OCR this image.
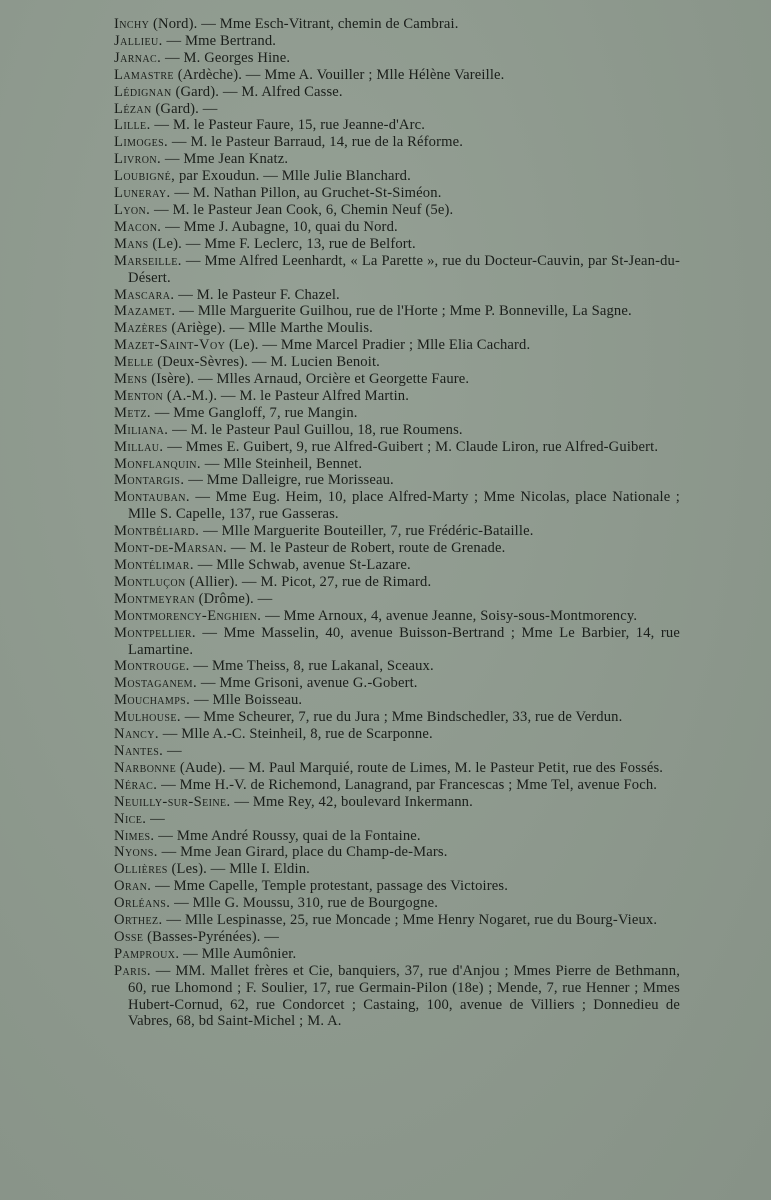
Inchy (Nord). — Mme Esch-Vitrant, chemin de Cambrai.
Jallieu. — Mme Bertrand.
Jarnac. — M. Georges Hine.
Lamastre (Ardèche). — Mme A. Vouiller ; Mlle Hélène Vareille.
Lédignan (Gard). — M. Alfred Casse.
Lézan (Gard). —
Lille. — M. le Pasteur Faure, 15, rue Jeanne-d'Arc.
Limoges. — M. le Pasteur Barraud, 14, rue de la Réforme.
Livron. — Mme Jean Knatz.
Loubigné, par Exoudun. — Mlle Julie Blanchard.
Luneray. — M. Nathan Pillon, au Gruchet-St-Siméon.
Lyon. — M. le Pasteur Jean Cook, 6, Chemin Neuf (5e).
Macon. — Mme J. Aubagne, 10, quai du Nord.
Mans (Le). — Mme F. Leclerc, 13, rue de Belfort.
Marseille. — Mme Alfred Leenhardt, « La Parette », rue du Docteur-Cauvin, par St-Jean-du-Désert.
Mascara. — M. le Pasteur F. Chazel.
Mazamet. — Mlle Marguerite Guilhou, rue de l'Horte ; Mme P. Bonneville, La Sagne.
Mazères (Ariège). — Mlle Marthe Moulis.
Mazet-Saint-Voy (Le). — Mme Marcel Pradier ; Mlle Elia Cachard.
Melle (Deux-Sèvres). — M. Lucien Benoit.
Mens (Isère). — Mlles Arnaud, Orcière et Georgette Faure.
Menton (A.-M.). — M. le Pasteur Alfred Martin.
Metz. — Mme Gangloff, 7, rue Mangin.
Miliana. — M. le Pasteur Paul Guillou, 18, rue Roumens.
Millau. — Mmes E. Guibert, 9, rue Alfred-Guibert ; M. Claude Liron, rue Alfred-Guibert.
Monflanquin. — Mlle Steinheil, Bennet.
Montargis. — Mme Dalleigre, rue Morisseau.
Montauban. — Mme Eug. Heim, 10, place Alfred-Marty ; Mme Nicolas, place Nationale ; Mlle S. Capelle, 137, rue Gasseras.
Montbéliard. — Mlle Marguerite Bouteiller, 7, rue Frédéric-Bataille.
Mont-de-Marsan. — M. le Pasteur de Robert, route de Grenade.
Montélimar. — Mlle Schwab, avenue St-Lazare.
Montluçon (Allier). — M. Picot, 27, rue de Rimard.
Montmeyran (Drôme). —
Montmorency-Enghien. — Mme Arnoux, 4, avenue Jeanne, Soisy-sous-Montmorency.
Montpellier. — Mme Masselin, 40, avenue Buisson-Bertrand ; Mme Le Barbier, 14, rue Lamartine.
Montrouge. — Mme Theiss, 8, rue Lakanal, Sceaux.
Mostaganem. — Mme Grisoni, avenue G.-Gobert.
Mouchamps. — Mlle Boisseau.
Mulhouse. — Mme Scheurer, 7, rue du Jura ; Mme Bindschedler, 33, rue de Verdun.
Nancy. — Mlle A.-C. Steinheil, 8, rue de Scarponne.
Nantes. —
Narbonne (Aude). — M. Paul Marquié, route de Limes, M. le Pasteur Petit, rue des Fossés.
Nérac. — Mme H.-V. de Richemond, Lanagrand, par Francescas ; Mme Tel, avenue Foch.
Neuilly-sur-Seine. — Mme Rey, 42, boulevard Inkermann.
Nice. —
Nimes. — Mme André Roussy, quai de la Fontaine.
Nyons. — Mme Jean Girard, place du Champ-de-Mars.
Ollières (Les). — Mlle I. Eldin.
Oran. — Mme Capelle, Temple protestant, passage des Victoires.
Orléans. — Mlle G. Moussu, 310, rue de Bourgogne.
Orthez. — Mlle Lespinasse, 25, rue Moncade ; Mme Henry Nogaret, rue du Bourg-Vieux.
Osse (Basses-Pyrénées). —
Pamproux. — Mlle Aumônier.
Paris. — MM. Mallet frères et Cie, banquiers, 37, rue d'Anjou ; Mmes Pierre de Bethmann, 60, rue Lhomond ; F. Soulier, 17, rue Germain-Pilon (18e) ; Mende, 7, rue Henner ; Mmes Hubert-Cornud, 62, rue Condorcet ; Castaing, 100, avenue de Villiers ; Donnedieu de Vabres, 68, bd Saint-Michel ; M. A.
